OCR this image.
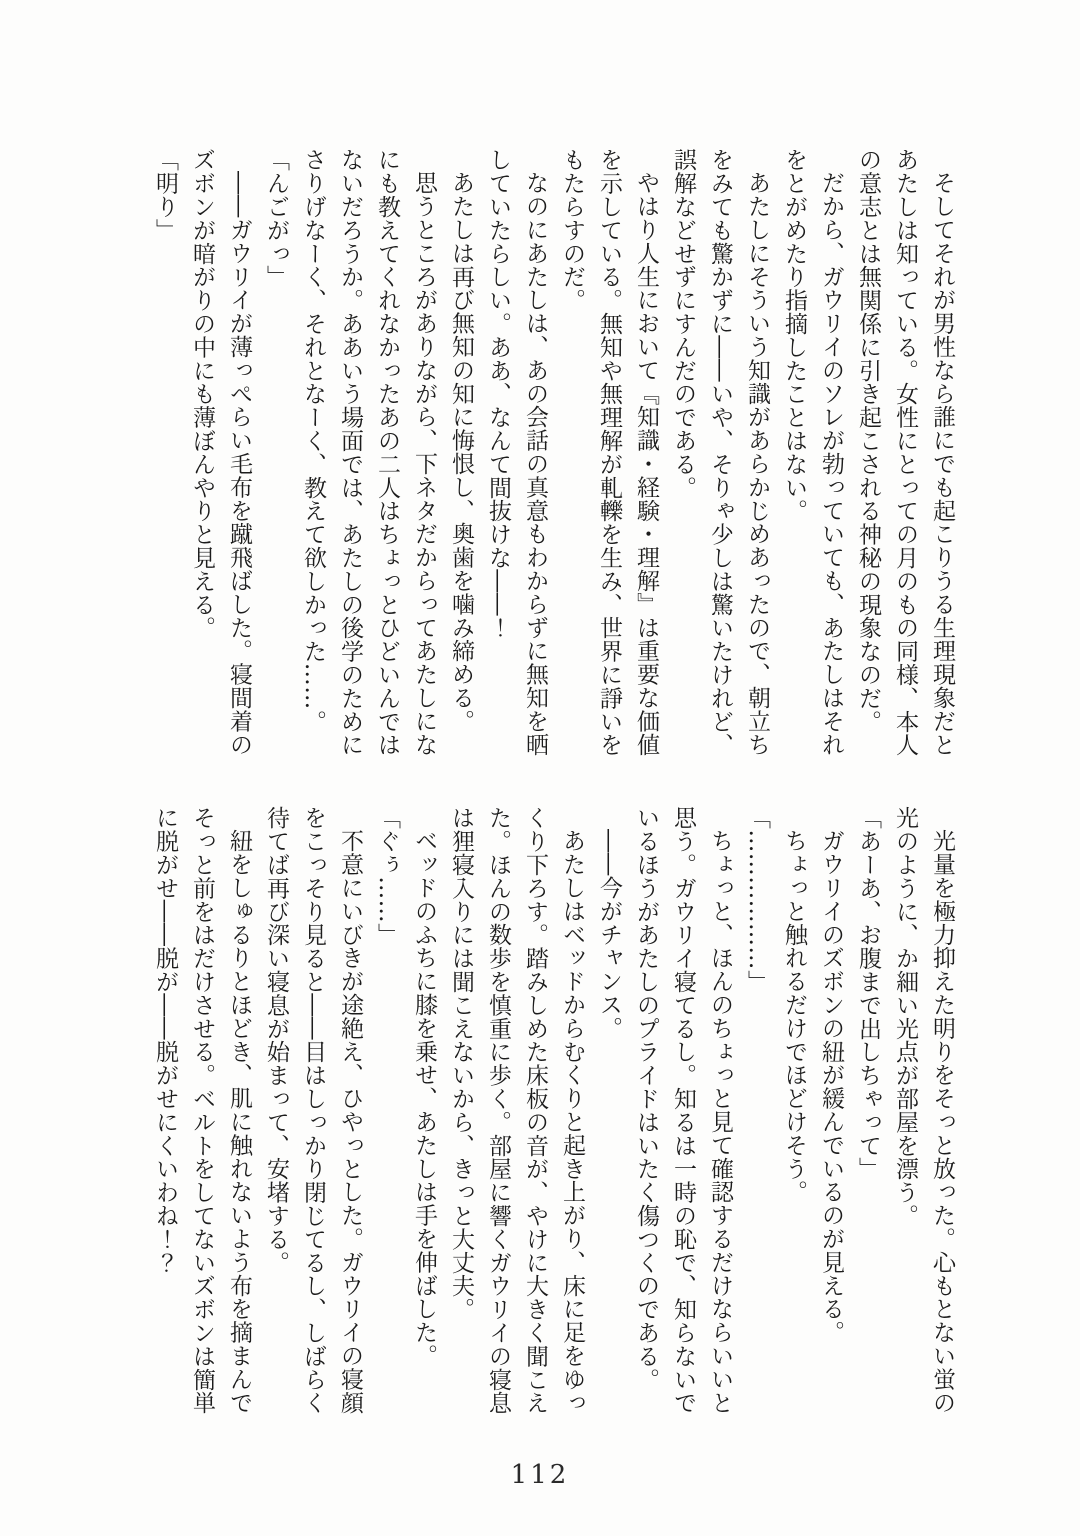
そしてそれが男性なら誰にでも起こりうる生理現象だと

あたしは知っている。女性にとっての月のもの同様、本人

の意志とは無関係に引き起こされる神秘の現象なのだ。

だから、ガウリイのソレが勃っていても、あたしはそれ

をとがめたり指摘したことはない。

あたしにそういう知識があらかじめあったので、朝立ち

をみても驚かずに――いや、そりゃ少しは驚いたけれど、

誤解などせずにすんだのである。

やはり人生において『知識・経験・理解』は重要な価値

を示している。無知や無理解が軋轢を生み、世界に諍いを

もたらすのだ。

なのにあたしは、あの会話の真意もわからずに無知を晒

していたらしい。ああ、なんて間抜けな――！

あたしは再び無知の知に悔恨し、奥歯を噛み締める。

思うところがありながら、下ネタだからってあたしにな

にも教えてくれなかったあの二人はちょっとひどいんでは

ないだろうか。ああいう場面では、あたしの後学のために

さりげなーく、それとなーく、教えて欲しかった……。

「んごがっ」

――ガウリイが薄っぺらい毛布を蹴飛ばした。寝間着の

ズボンが暗がりの中にも薄ぼんやりと見える。

「明り」

光量を極力抑えた明りをそっと放った。心もとない蛍の

光のように、か細い光点が部屋を漂う。

「あーあ、お腹まで出しちゃって」

ガウリイのズボンの紐が緩んでいるのが見える。

ちょっと触れるだけでほどけそう。

「………………」

ちょっと、ほんのちょっと見て確認するだけならいいと

思う。ガウリイ寝てるし。知るは一時の恥で、知らないで

いるほうがあたしのプライドはいたく傷つくのである。

――今がチャンス。

あたしはベッドからむくりと起き上がり、床に足をゆっ

くり下ろす。踏みしめた床板の音が、やけに大きく聞こえ

た。ほんの数歩を慎重に歩く。部屋に響くガウリイの寝息

は狸寝入りには聞こえないから、きっと大丈夫。

ベッドのふちに膝を乗せ、あたしは手を伸ばした。

「ぐぅ……」

不意にいびきが途絶え、ひやっとした。ガウリイの寝顔

をこっそり見ると――目はしっかり閉じてるし、しばらく

待てば再び深い寝息が始まって、安堵する。

紐をしゅるりとほどき、肌に触れないよう布を摘まんで

そっと前をはだけさせる。ベルトをしてないズボンは簡単

に脱がせ――脱が――脱がせにくいわね！？

112
